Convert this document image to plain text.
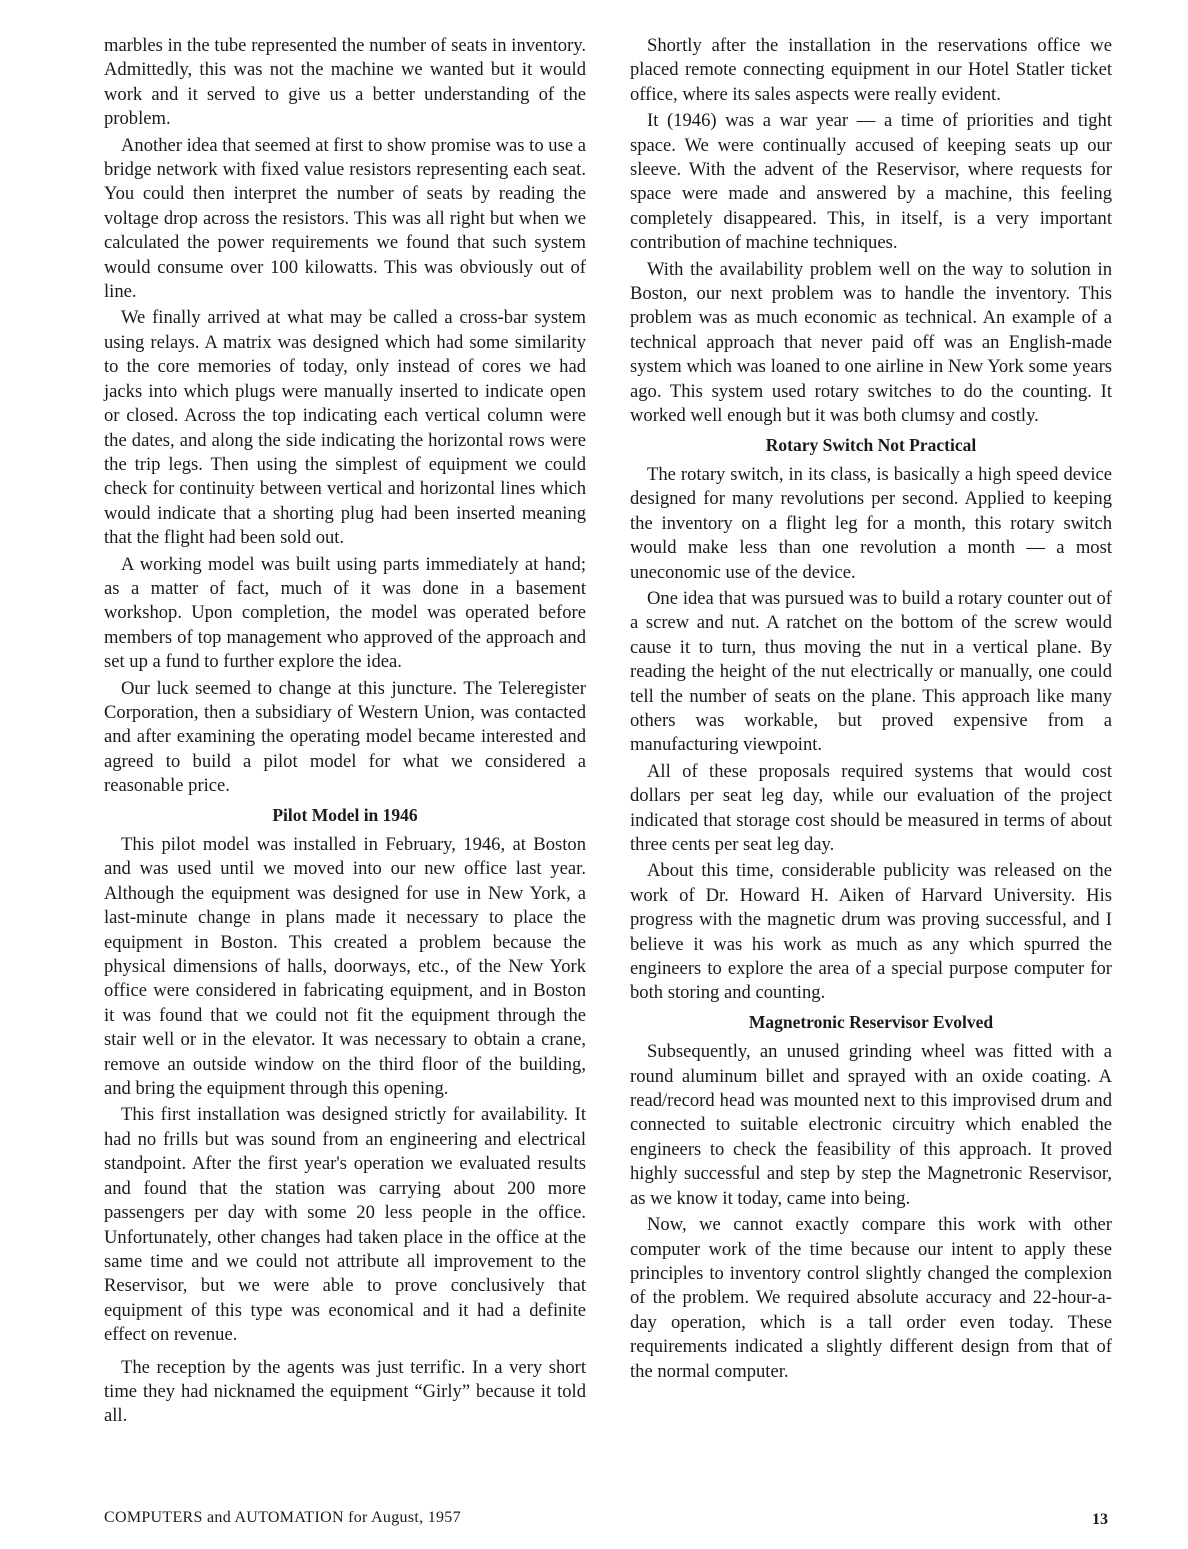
marbles in the tube represented the number of seats in inventory. Admittedly, this was not the machine we wanted but it would work and it served to give us a better understanding of the problem.

Another idea that seemed at first to show promise was to use a bridge network with fixed value resistors representing each seat. You could then interpret the number of seats by reading the voltage drop across the resistors. This was all right but when we calculated the power requirements we found that such system would consume over 100 kilowatts. This was obviously out of line.

We finally arrived at what may be called a cross-bar system using relays. A matrix was designed which had some similarity to the core memories of today, only instead of cores we had jacks into which plugs were manually inserted to indicate open or closed. Across the top indicating each vertical column were the dates, and along the side indicating the horizontal rows were the trip legs. Then using the simplest of equipment we could check for continuity between vertical and horizontal lines which would indicate that a shorting plug had been inserted meaning that the flight had been sold out.

A working model was built using parts immediately at hand; as a matter of fact, much of it was done in a basement workshop. Upon completion, the model was operated before members of top management who approved of the approach and set up a fund to further explore the idea.

Our luck seemed to change at this juncture. The Teleregister Corporation, then a subsidiary of Western Union, was contacted and after examining the operating model became interested and agreed to build a pilot model for what we considered a reasonable price.

Pilot Model in 1946

This pilot model was installed in February, 1946, at Boston and was used until we moved into our new office last year. Although the equipment was designed for use in New York, a last-minute change in plans made it necessary to place the equipment in Boston. This created a problem because the physical dimensions of halls, doorways, etc., of the New York office were considered in fabricating equipment, and in Boston it was found that we could not fit the equipment through the stair well or in the elevator. It was necessary to obtain a crane, remove an outside window on the third floor of the building, and bring the equipment through this opening.

This first installation was designed strictly for availability. It had no frills but was sound from an engineering and electrical standpoint. After the first year's operation we evaluated results and found that the station was carrying about 200 more passengers per day with some 20 less people in the office. Unfortunately, other changes had taken place in the office at the same time and we could not attribute all improvement to the Reservisor, but we were able to prove conclusively that equipment of this type was economical and it had a definite effect on revenue.

The reception by the agents was just terrific. In a very short time they had nicknamed the equipment “Girly” because it told all.

Shortly after the installation in the reservations office we placed remote connecting equipment in our Hotel Statler ticket office, where its sales aspects were really evident.

It (1946) was a war year — a time of priorities and tight space. We were continually accused of keeping seats up our sleeve. With the advent of the Reservisor, where requests for space were made and answered by a machine, this feeling completely disappeared. This, in itself, is a very important contribution of machine techniques.

With the availability problem well on the way to solution in Boston, our next problem was to handle the inventory. This problem was as much economic as technical. An example of a technical approach that never paid off was an English-made system which was loaned to one airline in New York some years ago. This system used rotary switches to do the counting. It worked well enough but it was both clumsy and costly.

Rotary Switch Not Practical

The rotary switch, in its class, is basically a high speed device designed for many revolutions per second. Applied to keeping the inventory on a flight leg for a month, this rotary switch would make less than one revolution a month — a most uneconomic use of the device.

One idea that was pursued was to build a rotary counter out of a screw and nut. A ratchet on the bottom of the screw would cause it to turn, thus moving the nut in a vertical plane. By reading the height of the nut electrically or manually, one could tell the number of seats on the plane. This approach like many others was workable, but proved expensive from a manufacturing viewpoint.

All of these proposals required systems that would cost dollars per seat leg day, while our evaluation of the project indicated that storage cost should be measured in terms of about three cents per seat leg day.

About this time, considerable publicity was released on the work of Dr. Howard H. Aiken of Harvard University. His progress with the magnetic drum was proving successful, and I believe it was his work as much as any which spurred the engineers to explore the area of a special purpose computer for both storing and counting.

Magnetronic Reservisor Evolved

Subsequently, an unused grinding wheel was fitted with a round aluminum billet and sprayed with an oxide coating. A read/record head was mounted next to this improvised drum and connected to suitable electronic circuitry which enabled the engineers to check the feasibility of this approach. It proved highly successful and step by step the Magnetronic Reservisor, as we know it today, came into being.

Now, we cannot exactly compare this work with other computer work of the time because our intent to apply these principles to inventory control slightly changed the complexion of the problem. We required absolute accuracy and 22-hour-a-day operation, which is a tall order even today. These requirements indicated a slightly different design from that of the normal computer.

COMPUTERS and AUTOMATION for August, 1957	13
